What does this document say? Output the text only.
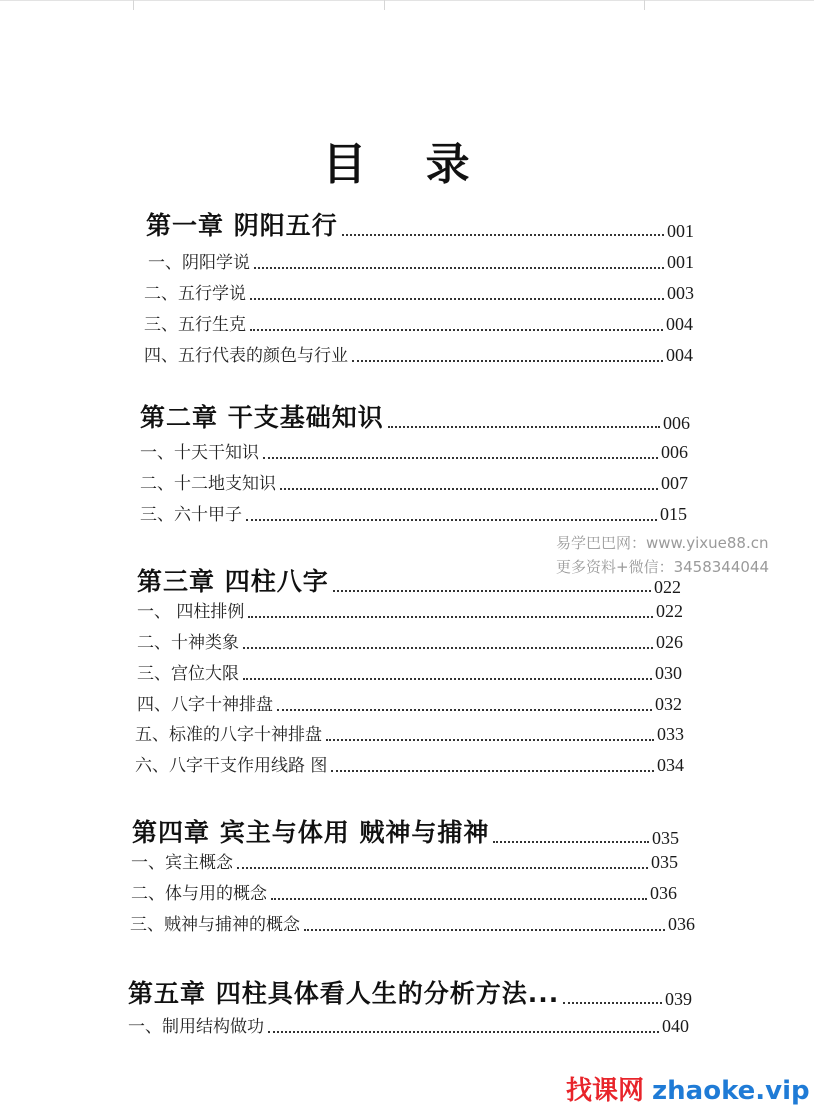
目 录
第一章 阴阳五行	001
一、阴阳学说	001
二、五行学说	003
三、五行生克	004
四、五行代表的颜色与行业	004
第二章 干支基础知识	006
一、十天干知识	006
二、十二地支知识	007
三、六十甲子	015
第三章 四柱八字	022
一、 四柱排例	022
二、十神类象	026
三、宫位大限	030
四、八字十神排盘	032
五、标准的八字十神排盘	033
六、八字干支作用线路 图	034
第四章 宾主与体用 贼神与捕神	035
一、宾主概念	035
二、体与用的概念	036
三、贼神与捕神的概念	036
第五章 四柱具体看人生的分析方法...	039
一、制用结构做功	040
易学巴巴网：www.yixue88.cn
更多资料+微信：3458344044
找课网 zhaoke.vip
